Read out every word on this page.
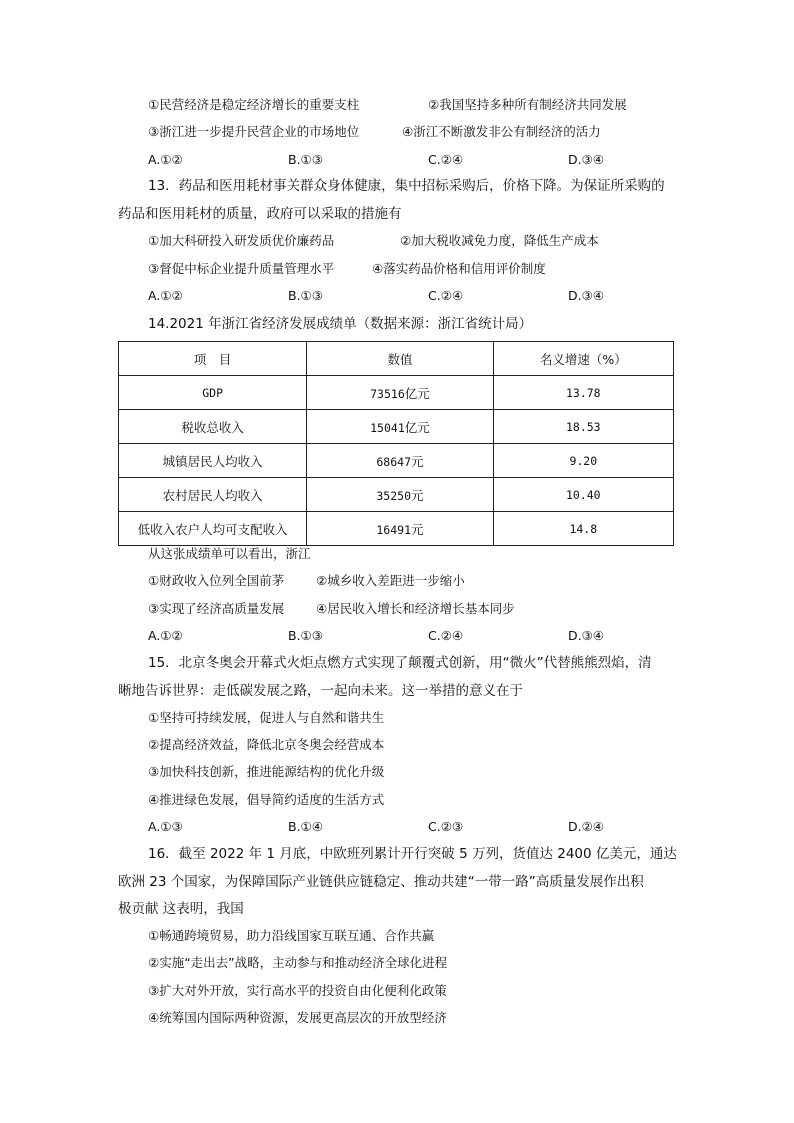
①民营经济是稳定经济增长的重要支柱	②我国坚持多种所有制经济共同发展
③浙江进一步提升民营企业的市场地位	④浙江不断激发非公有制经济的活力
A.①②	B.①③	C.②④	D.③④
13．药品和医用耗材事关群众身体健康，集中招标采购后，价格下降。为保证所采购的
药品和医用耗材的质量，政府可以采取的措施有
①加大科研投入研发质优价廉药品	②加大税收减免力度，降低生产成本
③督促中标企业提升质量管理水平	④落实药品价格和信用评价制度
A.①②	B.①③	C.②④	D.③④
14.2021 年浙江省经济发展成绩单（数据来源：浙江省统计局）
项　目	数值	名义增速（%）
GDP	73516亿元	13.78
税收总收入	15041亿元	18.53
城镇居民人均收入	68647元	9.20
农村居民人均收入	35250元	10.40
低收入农户人均可支配收入	16491元	14.8
从这张成绩单可以看出，浙江
①财政收入位列全国前茅	②城乡收入差距进一步缩小
③实现了经济高质量发展	④居民收入增长和经济增长基本同步
A.①②	B.①③	C.②④	D.③④
15．北京冬奥会开幕式火炬点燃方式实现了颠覆式创新，用“微火”代替熊熊烈焰，清
晰地告诉世界：走低碳发展之路，一起向未来。这一举措的意义在于
①坚持可持续发展，促进人与自然和谐共生
②提高经济效益，降低北京冬奥会经营成本
③加快科技创新，推进能源结构的优化升级
④推进绿色发展，倡导简约适度的生活方式
A.①③	B.①④	C.②③	D.②④
16．截至 2022 年 1 月底，中欧班列累计开行突破 5 万列，货值达 2400 亿美元，通达
欧洲 23 个国家，为保障国际产业链供应链稳定、推动共建“一带一路”高质量发展作出积
极贡献 这表明，我国
①畅通跨境贸易，助力沿线国家互联互通、合作共赢
②实施“走出去”战略，主动参与和推动经济全球化进程
③扩大对外开放，实行高水平的投资自由化便利化政策
④统筹国内国际两种资源，发展更高层次的开放型经济
